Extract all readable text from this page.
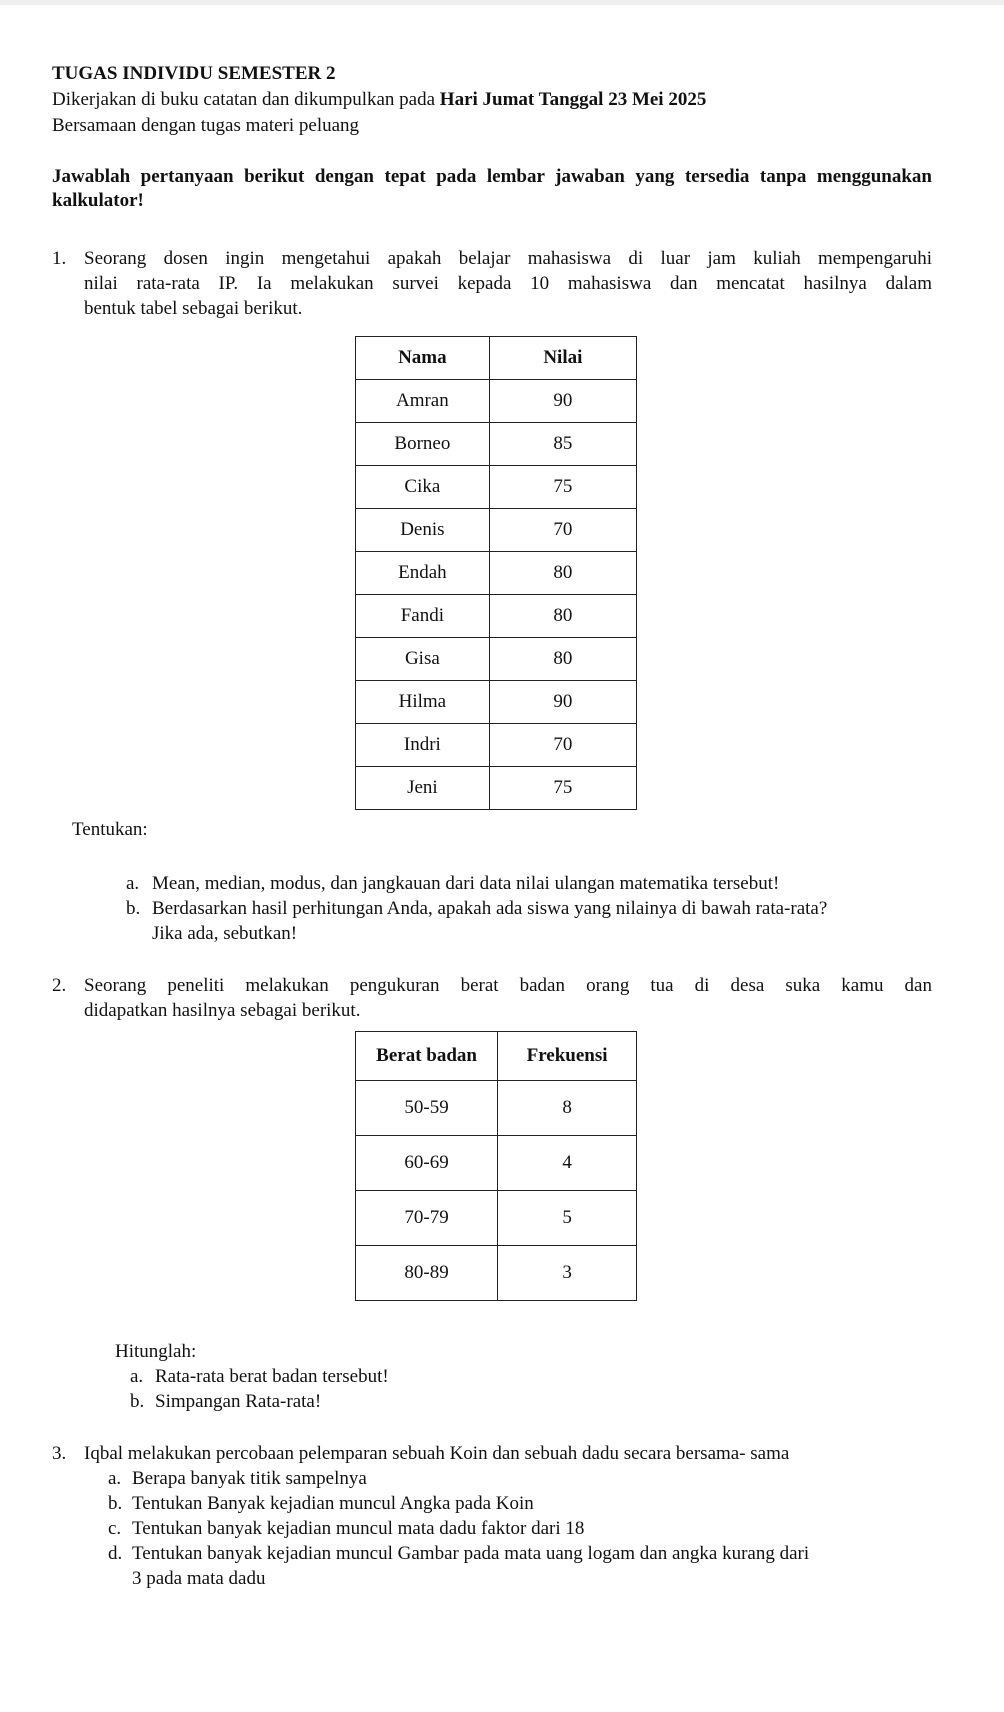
TUGAS INDIVIDU SEMESTER 2
Dikerjakan di buku catatan dan dikumpulkan pada Hari Jumat Tanggal 23 Mei 2025
Bersamaan dengan tugas materi peluang

Jawablah pertanyaan berikut dengan tepat pada lembar jawaban yang tersedia tanpa menggunakan kalkulator!

1. Seorang dosen ingin mengetahui apakah belajar mahasiswa di luar jam kuliah mempengaruhi
nilai rata-rata IP. Ia melakukan survei kepada 10 mahasiswa dan mencatat hasilnya dalam
bentuk tabel sebagai berikut.
Nama	Nilai
Amran	90
Borneo	85
Cika	75
Denis	70
Endah	80
Fandi	80
Gisa	80
Hilma	90
Indri	70
Jeni	75
Tentukan:
a. Mean, median, modus, dan jangkauan dari data nilai ulangan matematika tersebut!
b. Berdasarkan hasil perhitungan Anda, apakah ada siswa yang nilainya di bawah rata-rata?
Jika ada, sebutkan!
2. Seorang peneliti melakukan pengukuran berat badan orang tua di desa suka kamu dan
didapatkan hasilnya sebagai berikut.
Berat badan	Frekuensi
50-59	8
60-69	4
70-79	5
80-89	3
Hitunglah:
a. Rata-rata berat badan tersebut!
b. Simpangan Rata-rata!
3. Iqbal melakukan percobaan pelemparan sebuah Koin dan sebuah dadu secara bersama- sama
a. Berapa banyak titik sampelnya
b. Tentukan Banyak kejadian muncul Angka pada Koin
c. Tentukan banyak kejadian muncul mata dadu faktor dari 18
d. Tentukan banyak kejadian muncul Gambar pada mata uang logam dan angka kurang dari
3 pada mata dadu
